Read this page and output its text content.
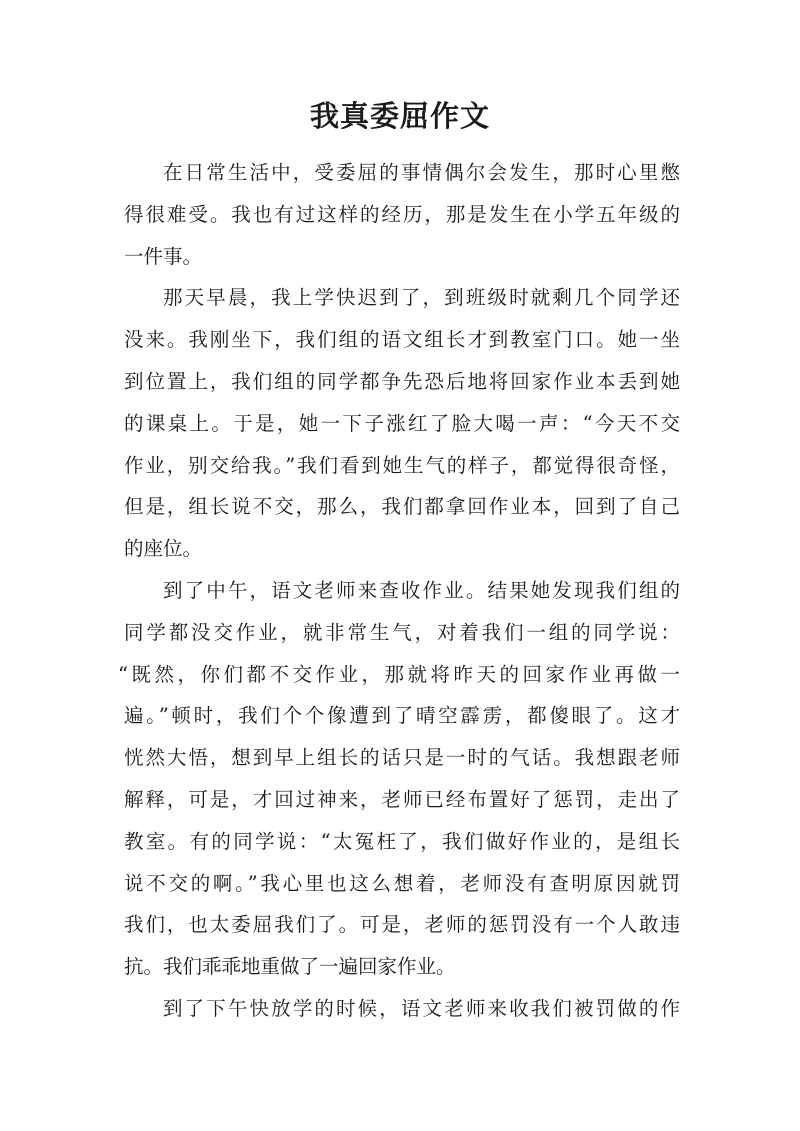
我真委屈作文
在日常生活中，受委屈的事情偶尔会发生，那时心里憋
得很难受。我也有过这样的经历，那是发生在小学五年级的
一件事。
那天早晨，我上学快迟到了，到班级时就剩几个同学还
没来。我刚坐下，我们组的语文组长才到教室门口。她一坐
到位置上，我们组的同学都争先恐后地将回家作业本丢到她
的课桌上。于是，她一下子涨红了脸大喝一声：“今天不交
作业，别交给我。”我们看到她生气的样子，都觉得很奇怪，
但是，组长说不交，那么，我们都拿回作业本，回到了自己
的座位。
到了中午，语文老师来查收作业。结果她发现我们组的
同学都没交作业，就非常生气，对着我们一组的同学说：
“既然，你们都不交作业，那就将昨天的回家作业再做一
遍。”顿时，我们个个像遭到了晴空霹雳，都傻眼了。这才
恍然大悟，想到早上组长的话只是一时的气话。我想跟老师
解释，可是，才回过神来，老师已经布置好了惩罚，走出了
教室。有的同学说：“太冤枉了，我们做好作业的，是组长
说不交的啊。”我心里也这么想着，老师没有查明原因就罚
我们，也太委屈我们了。可是，老师的惩罚没有一个人敢违
抗。我们乖乖地重做了一遍回家作业。
到了下午快放学的时候，语文老师来收我们被罚做的作
